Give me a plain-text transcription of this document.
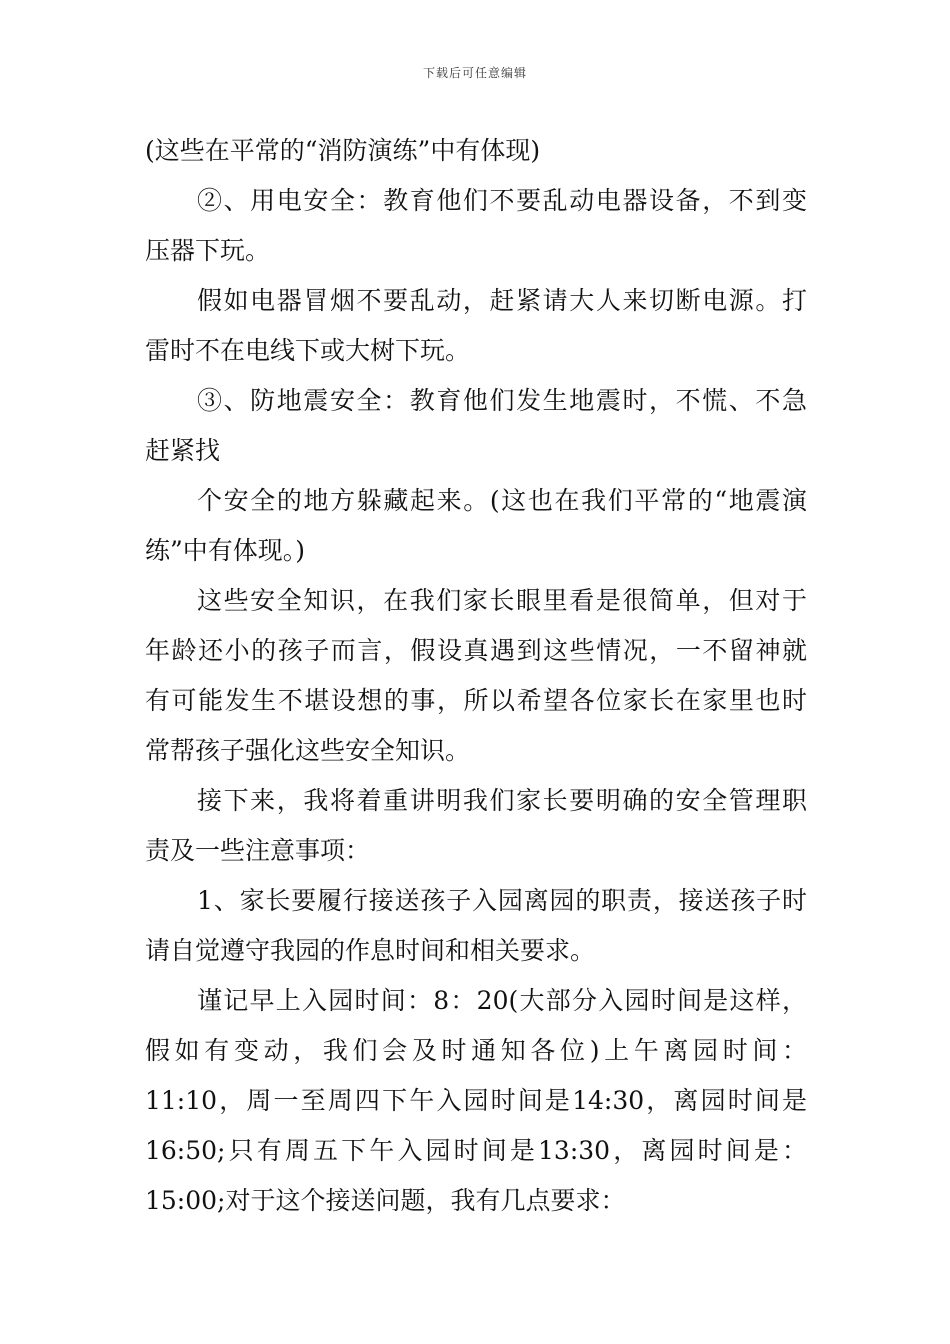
下载后可任意编辑
(这些在平常的“消防演练”中有体现)
②、用电安全：教育他们不要乱动电器设备，不到变
压器下玩。
假如电器冒烟不要乱动，赶紧请大人来切断电源。打
雷时不在电线下或大树下玩。
③、防地震安全：教育他们发生地震时，不慌、不急
赶紧找
个安全的地方躲藏起来。(这也在我们平常的“地震演
练”中有体现。)
这些安全知识，在我们家长眼里看是很简单，但对于
年龄还小的孩子而言，假设真遇到这些情况，一不留神就
有可能发生不堪设想的事，所以希望各位家长在家里也时
常帮孩子强化这些安全知识。
接下来，我将着重讲明我们家长要明确的安全管理职
责及一些注意事项：
1、家长要履行接送孩子入园离园的职责，接送孩子时
请自觉遵守我园的作息时间和相关要求。
谨记早上入园时间：8：20(大部分入园时间是这样，
假如有变动，我们会及时通知各位)上午离园时间：
11:10，周一至周四下午入园时间是14:30，离园时间是
16:50;只有周五下午入园时间是13:30，离园时间是：
15:00;对于这个接送问题，我有几点要求：
